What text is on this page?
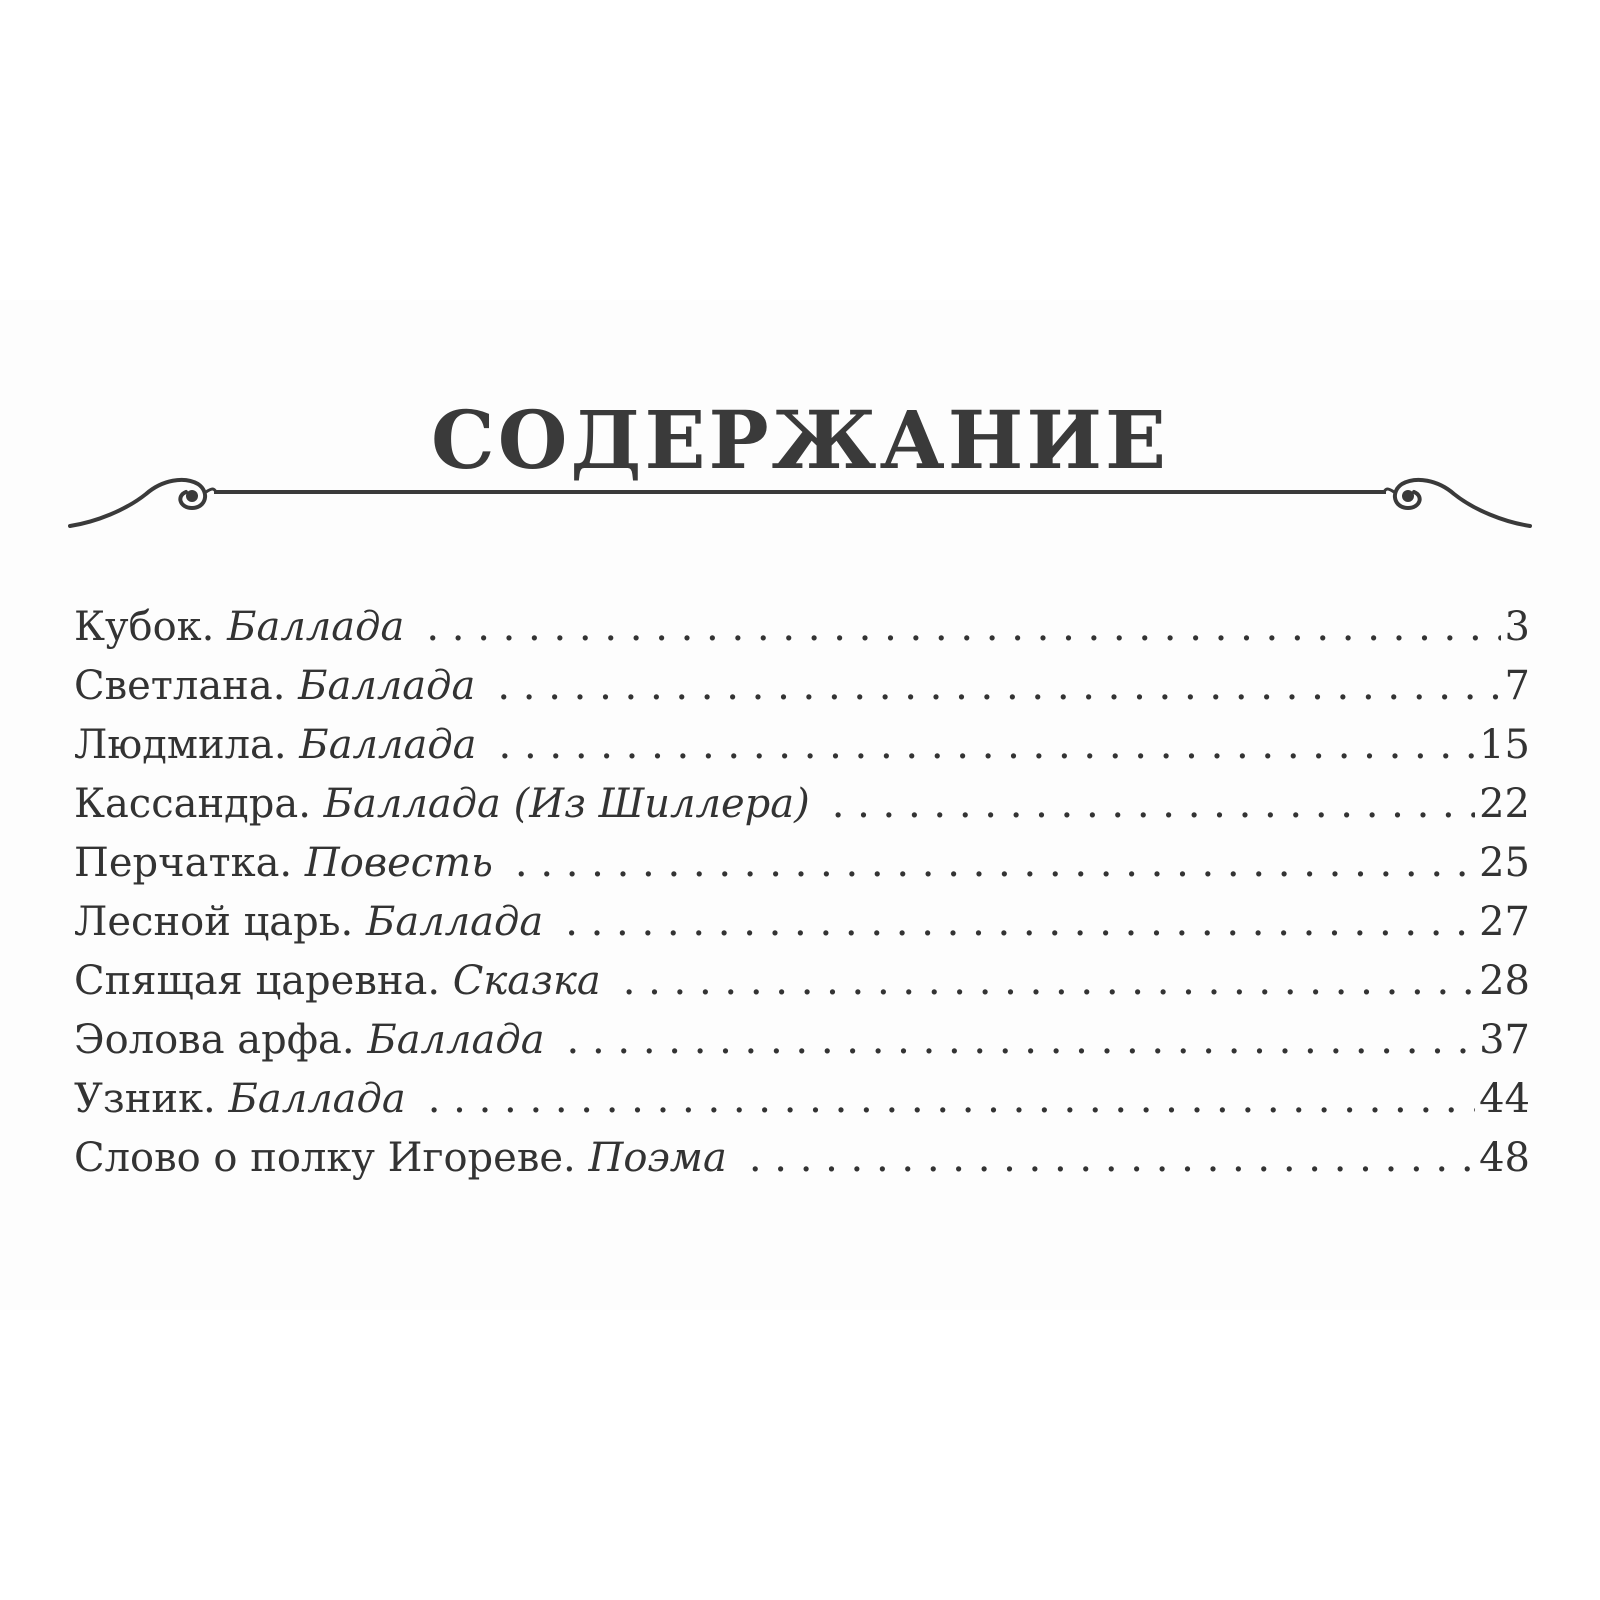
СОДЕРЖАНИЕ
Кубок. Баллада . . .	3
Светлана. Баллада . . .	7
Людмила. Баллада . . .	15
Кассандра. Баллада (Из Шиллера) . . .	22
Перчатка. Повесть . . .	25
Лесной царь. Баллада . . .	27
Спящая царевна. Сказка . . .	28
Эолова арфа. Баллада . . .	37
Узник. Баллада . . .	44
Слово о полку Игореве. Поэма . . .	48
